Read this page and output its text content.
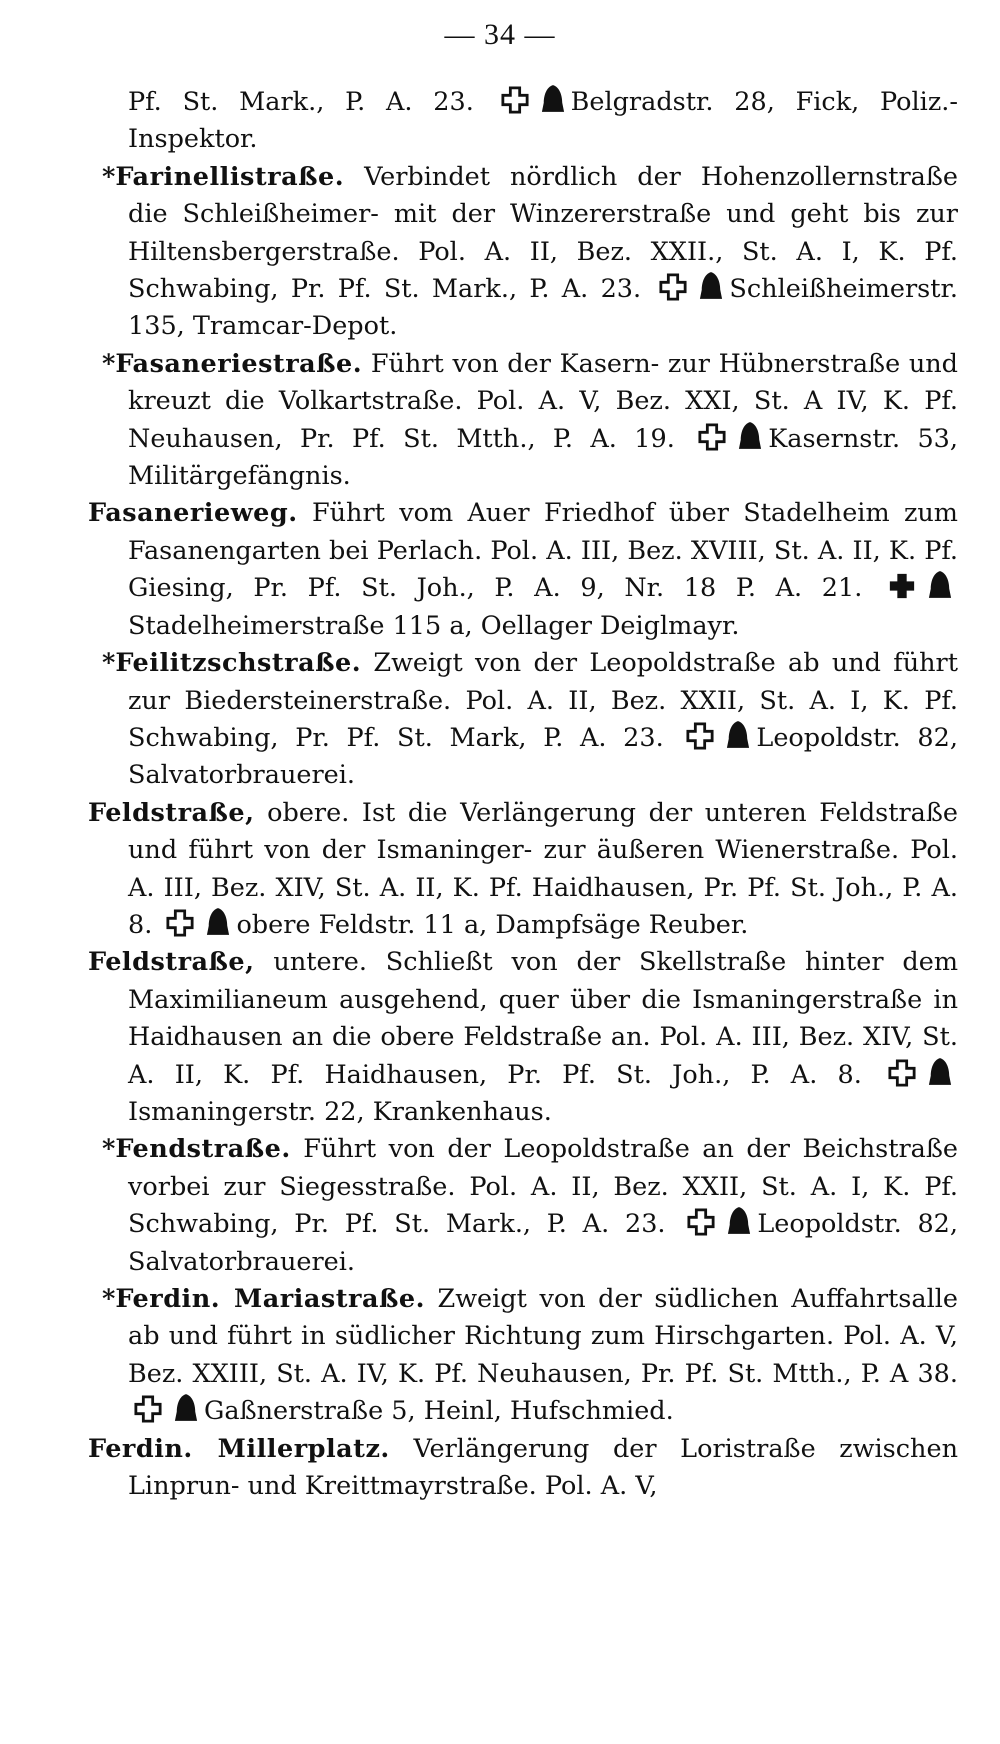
— 34 —

Pf. St. Mark., P. A. 23.	Belgradstr. 28, Fick, Poliz.-Inspektor.

*Farinellistraße. Verbindet nördlich der Hohenzollernstraße die Schleißheimer- mit der Winzererstraße und geht bis zur Hiltensbergerstraße. Pol. A. II, Bez. XXII., St. A. I, K. Pf. Schwabing, Pr. Pf. St. Mark., P. A. 23.	Schleißheimerstr. 135, Tramcar-Depot.

*Fasaneriestraße. Führt von der Kasern- zur Hübnerstraße und kreuzt die Volkartstraße. Pol. A. V, Bez. XXI, St. A IV, K. Pf. Neuhausen, Pr. Pf. St. Mtth., P. A. 19.	Kasernstr. 53, Militärgefängnis.

Fasanerieweg. Führt vom Auer Friedhof über Stadelheim zum Fasanengarten bei Perlach. Pol. A. III, Bez. XVIII, St. A. II, K. Pf. Giesing, Pr. Pf. St. Joh., P. A. 9, Nr. 18 P. A. 21.
Stadelheimerstraße 115 a, Oellager Deiglmayr.

*Feilitzschstraße. Zweigt von der Leopoldstraße ab und führt zur Biedersteinerstraße. Pol. A. II, Bez. XXII, St. A. I, K. Pf. Schwabing, Pr. Pf. St. Mark, P. A. 23.	Leopoldstr. 82, Salvatorbrauerei.

Feldstraße, obere. Ist die Verlängerung der unteren Feldstraße und führt von der Ismaninger- zur äußeren Wienerstraße. Pol. A. III, Bez. XIV, St. A. II, K. Pf. Haidhausen, Pr. Pf. St. Joh., P. A. 8.	obere Feldstr. 11 a, Dampfsäge Reuber.

Feldstraße, untere. Schließt von der Skellstraße hinter dem Maximilianeum ausgehend, quer über die Ismaningerstraße in Haidhausen an die obere Feldstraße an. Pol. A. III, Bez. XIV, St. A. II, K. Pf. Haidhausen, Pr. Pf. St. Joh., P. A. 8.
Ismaningerstr. 22, Krankenhaus.

*Fendstraße. Führt von der Leopoldstraße an der Beichstraße vorbei zur Siegesstraße. Pol. A. II, Bez. XXII, St. A. I, K. Pf. Schwabing, Pr. Pf. St. Mark., P. A. 23.	Leopoldstr. 82, Salvatorbrauerei.

*Ferdin. Mariastraße. Zweigt von der südlichen Auffahrtsalle ab und führt in südlicher Richtung zum Hirschgarten. Pol. A. V, Bez. XXIII, St. A. IV, K. Pf. Neuhausen, Pr. Pf. St. Mtth., P. A 38.
Gaßnerstraße 5, Heinl, Hufschmied.

Ferdin. Millerplatz. Verlängerung der Loristraße zwischen Linprun- und Kreittmayrstraße. Pol. A. V,
